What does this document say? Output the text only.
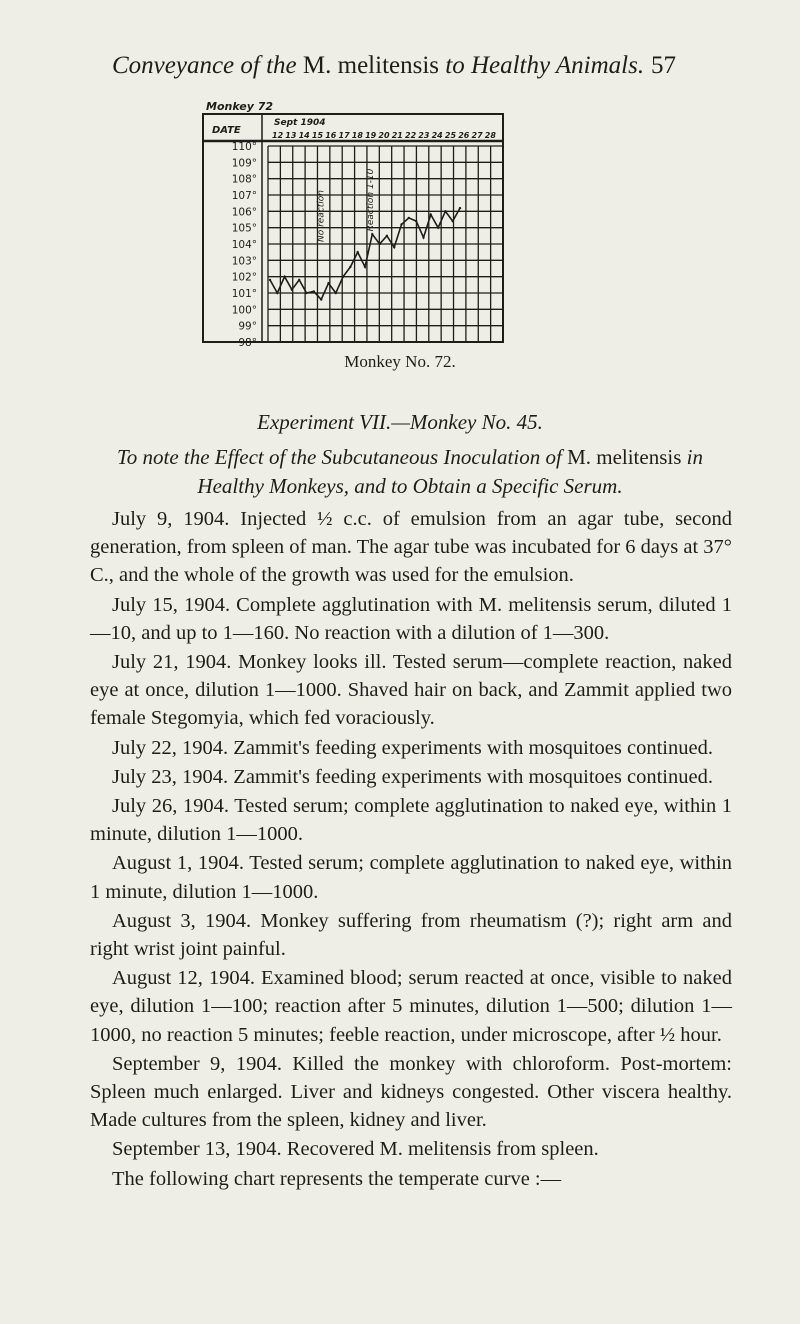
Conveyance of the M. melitensis to Healthy Animals. 57
Monkey 72
DATE
Sept 1904
12 13 14 15 16 17 18 19 20 21 22 23 24 25 26 27 28
110°
109°
108°
107°
106°
105°
104°
103°
102°
101°
100°
99°
98°
No reaction	Reaction 1-10
Monkey No. 72.
Experiment VII.—Monkey No. 45.
To note the Effect of the Subcutaneous Inoculation of M. melitensis in
Healthy Monkeys, and to Obtain a Specific Serum.

July 9, 1904. Injected ½ c.c. of emulsion from an agar tube, second generation, from spleen of man. The agar tube was incubated for 6 days at 37° C., and the whole of the growth was used for the emulsion.

July 15, 1904. Complete agglutination with M. melitensis serum, diluted 1—10, and up to 1—160. No reaction with a dilution of 1—300.

July 21, 1904. Monkey looks ill. Tested serum—complete reaction, naked eye at once, dilution 1—1000. Shaved hair on back, and Zammit applied two female Stegomyia, which fed voraciously.

July 22, 1904. Zammit's feeding experiments with mosquitoes continued.

July 23, 1904. Zammit's feeding experiments with mosquitoes continued.

July 26, 1904. Tested serum; complete agglutination to naked eye, within 1 minute, dilution 1—1000.

August 1, 1904. Tested serum; complete agglutination to naked eye, within 1 minute, dilution 1—1000.

August 3, 1904. Monkey suffering from rheumatism (?); right arm and right wrist joint painful.

August 12, 1904. Examined blood; serum reacted at once, visible to naked eye, dilution 1—100; reaction after 5 minutes, dilution 1—500; dilution 1—1000, no reaction 5 minutes; feeble reaction, under microscope, after ½ hour.

September 9, 1904. Killed the monkey with chloroform. Post-mortem: Spleen much enlarged. Liver and kidneys congested. Other viscera healthy. Made cultures from the spleen, kidney and liver.

September 13, 1904. Recovered M. melitensis from spleen.

The following chart represents the temperate curve :—
